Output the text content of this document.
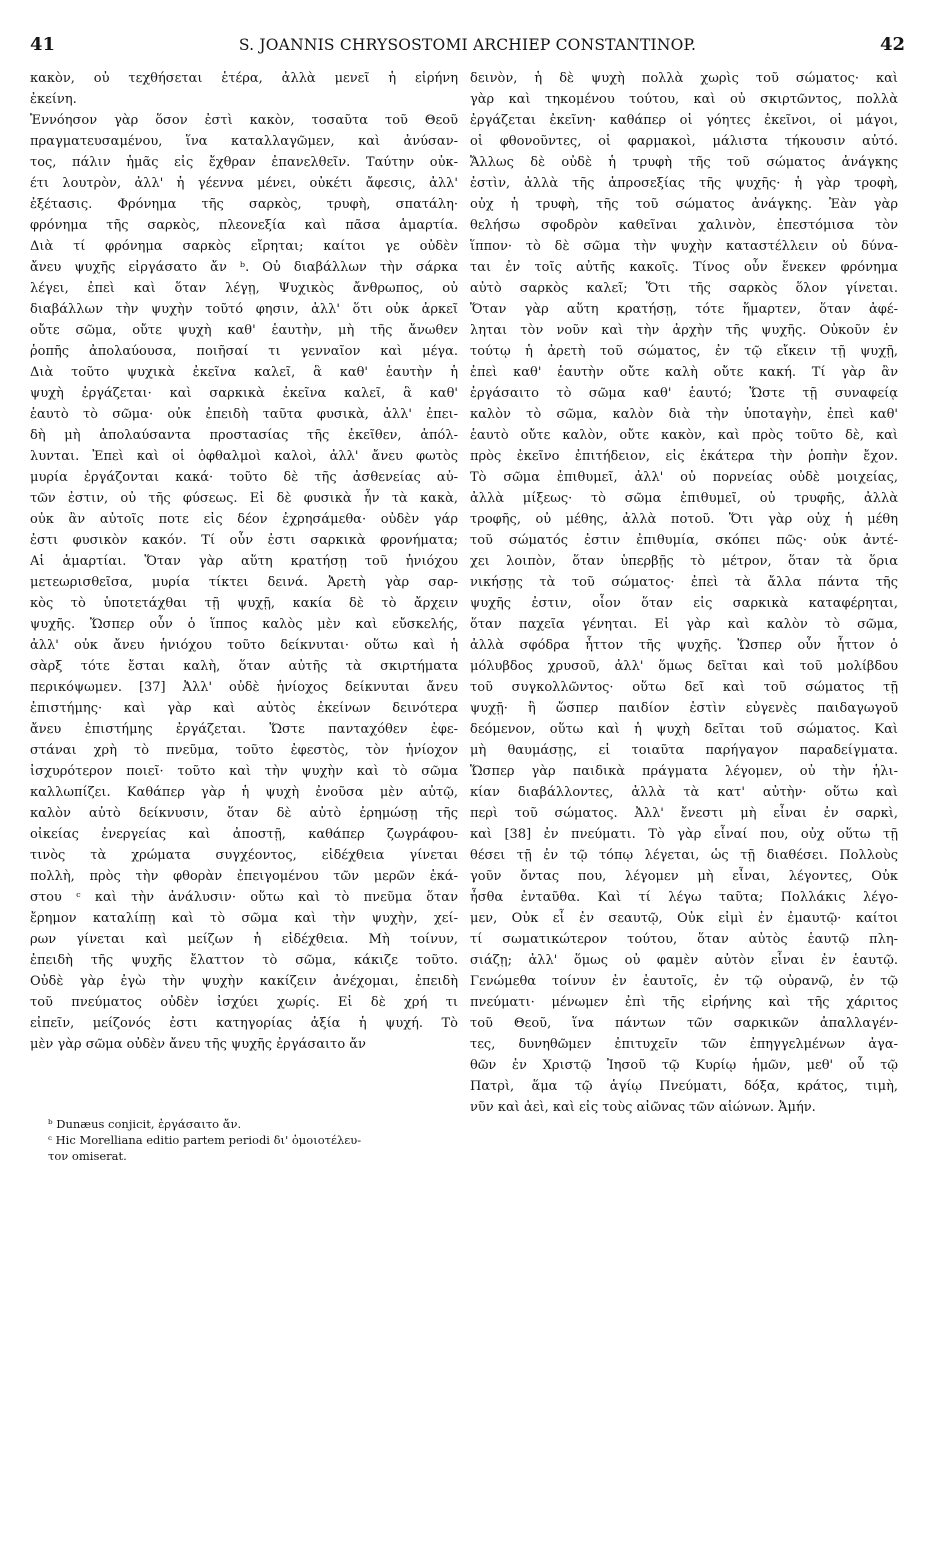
41	S. JOANNIS CHRYSOSTOMI ARCHIEP CONSTANTINOP.	42
κακὸν, οὐ τεχθήσεται ἑτέρα, ἀλλὰ μενεῖ ἡ εἰρήνη
ἐκείνη.
Ἐννόησον γὰρ ὅσον ἐστὶ κακὸν, τοσαῦτα τοῦ Θεοῦ
πραγματευσαμένου, ἵνα καταλλαγῶμεν, καὶ ἀνύσαν-
τος, πάλιν ἡμᾶς εἰς ἔχθραν ἐπανελθεῖν. Ταύτην οὐκ-
έτι λουτρὸν, ἀλλ' ἡ γέεννα μένει, οὐκέτι ἄφεσις, ἀλλ'
ἐξέτασις. Φρόνημα τῆς σαρκὸς, τρυφὴ, σπατάλη·
φρόνημα τῆς σαρκὸς, πλεονεξία καὶ πᾶσα ἁμαρτία.
Διὰ τί φρόνημα σαρκὸς εἴρηται; καίτοι γε οὐδὲν
ἄνευ ψυχῆς εἰργάσατο ἄν ᵇ. Οὐ διαβάλλων τὴν σάρκα
λέγει, ἐπεὶ καὶ ὅταν λέγῃ, Ψυχικὸς ἄνθρωπος, οὐ
διαβάλλων τὴν ψυχὴν τοῦτό φησιν, ἀλλ' ὅτι οὐκ ἀρκεῖ
οὔτε σῶμα, οὔτε ψυχὴ καθ' ἑαυτὴν, μὴ τῆς ἄνωθεν
ῥοπῆς ἀπολαύουσα, ποιῆσαί τι γενναῖον καὶ μέγα.
Διὰ τοῦτο ψυχικὰ ἐκεῖνα καλεῖ, ἃ καθ' ἑαυτὴν ἡ
ψυχὴ ἐργάζεται· καὶ σαρκικὰ ἐκεῖνα καλεῖ, ἃ καθ'
ἑαυτὸ τὸ σῶμα· οὐκ ἐπειδὴ ταῦτα φυσικὰ, ἀλλ' ἐπει-
δὴ μὴ ἀπολαύσαντα προστασίας τῆς ἐκεῖθεν, ἀπόλ-
λυνται. Ἐπεὶ καὶ οἱ ὀφθαλμοὶ καλοὶ, ἀλλ' ἄνευ φωτὸς
μυρία ἐργάζονται κακά· τοῦτο δὲ τῆς ἀσθενείας αὐ-
τῶν ἐστιν, οὐ τῆς φύσεως. Εἰ δὲ φυσικὰ ἦν τὰ κακὰ,
οὐκ ἂν αὐτοῖς ποτε εἰς δέον ἐχρησάμεθα· οὐδὲν γάρ
ἐστι φυσικὸν κακόν. Τί οὖν ἐστι σαρκικὰ φρονήματα;
Αἱ ἁμαρτίαι. Ὅταν γὰρ αὕτη κρατήσῃ τοῦ ἡνιόχου
μετεωρισθεῖσα, μυρία τίκτει δεινά. Ἀρετὴ γὰρ σαρ-
κὸς τὸ ὑποτετάχθαι τῇ ψυχῇ, κακία δὲ τὸ ἄρχειν
ψυχῆς. Ὥσπερ οὖν ὁ ἵππος καλὸς μὲν καὶ εὔσκελής,
ἀλλ' οὐκ ἄνευ ἡνιόχου τοῦτο δείκνυται· οὕτω καὶ ἡ
σὰρξ τότε ἔσται καλὴ, ὅταν αὐτῆς τὰ σκιρτήματα
περικόψωμεν. [37] Ἀλλ' οὐδὲ ἡνίοχος δείκνυται ἄνευ
ἐπιστήμης· καὶ γὰρ καὶ αὐτὸς ἐκείνων δεινότερα
ἄνευ ἐπιστήμης ἐργάζεται. Ὥστε πανταχόθεν ἐφε-
στάναι χρὴ τὸ πνεῦμα, τοῦτο ἐφεστὸς, τὸν ἡνίοχον
ἰσχυρότερον ποιεῖ· τοῦτο καὶ τὴν ψυχὴν καὶ τὸ σῶμα
καλλωπίζει. Καθάπερ γὰρ ἡ ψυχὴ ἐνοῦσα μὲν αὐτῷ,
καλὸν αὐτὸ δείκνυσιν, ὅταν δὲ αὐτὸ ἐρημώσῃ τῆς
οἰκείας ἐνεργείας καὶ ἀποστῇ, καθάπερ ζωγράφου-
τινὸς τὰ χρώματα συγχέοντος, εἰδέχθεια γίνεται
πολλὴ, πρὸς τὴν φθορὰν ἐπειγομένου τῶν μερῶν ἑκά-
στου ᶜ καὶ τὴν ἀνάλυσιν· οὕτω καὶ τὸ πνεῦμα ὅταν
ἔρημον καταλίπῃ καὶ τὸ σῶμα καὶ τὴν ψυχὴν, χεί-
ρων γίνεται καὶ μείζων ἡ εἰδέχθεια. Μὴ τοίνυν,
ἐπειδὴ τῆς ψυχῆς ἔλαττον τὸ σῶμα, κάκιζε τοῦτο.
Οὐδὲ γὰρ ἐγὼ τὴν ψυχὴν κακίζειν ἀνέχομαι, ἐπειδὴ
τοῦ πνεύματος οὐδὲν ἰσχύει χωρίς. Εἰ δὲ χρή τι
εἰπεῖν, μείζονός ἐστι κατηγορίας ἀξία ἡ ψυχή. Τὸ
μὲν γὰρ σῶμα οὐδὲν ἄνευ τῆς ψυχῆς ἐργάσαιτο ἄν
δεινὸν, ἡ δὲ ψυχὴ πολλὰ χωρὶς τοῦ σώματος· καὶ
γὰρ καὶ τηκομένου τούτου, καὶ οὐ σκιρτῶντος, πολλὰ
ἐργάζεται ἐκεῖνη· καθάπερ οἱ γόητες ἐκεῖνοι, οἱ μάγοι,
οἱ φθονοῦντες, οἱ φαρμακοὶ, μάλιστα τήκουσιν αὐτό.
Ἄλλως δὲ οὐδὲ ἡ τρυφὴ τῆς τοῦ σώματος ἀνάγκης
ἐστὶν, ἀλλὰ τῆς ἀπροσεξίας τῆς ψυχῆς· ἡ γὰρ τροφὴ,
οὐχ ἡ τρυφὴ, τῆς τοῦ σώματος ἀνάγκης. Ἐὰν γὰρ
θελήσω σφοδρὸν καθεῖναι χαλινὸν, ἐπεστόμισα τὸν
ἵππον· τὸ δὲ σῶμα τὴν ψυχὴν καταστέλλειν οὐ δύνα-
ται ἐν τοῖς αὐτῆς κακοῖς. Τίνος οὖν ἕνεκεν φρόνημα
αὐτὸ σαρκὸς καλεῖ; Ὅτι τῆς σαρκὸς ὅλον γίνεται.
Ὅταν γὰρ αὕτη κρατήσῃ, τότε ἥμαρτεν, ὅταν ἀφέ-
ληται τὸν νοῦν καὶ τὴν ἀρχὴν τῆς ψυχῆς. Οὐκοῦν ἐν
τούτῳ ἡ ἀρετὴ τοῦ σώματος, ἐν τῷ εἴκειν τῇ ψυχῇ,
ἐπεὶ καθ' ἑαυτὴν οὔτε καλὴ οὔτε κακή. Τί γὰρ ἂν
ἐργάσαιτο τὸ σῶμα καθ' ἑαυτό; Ὥστε τῇ συναφείᾳ
καλὸν τὸ σῶμα, καλὸν διὰ τὴν ὑποταγὴν, ἐπεὶ καθ'
ἑαυτὸ οὔτε καλὸν, οὔτε κακὸν, καὶ πρὸς τοῦτο δὲ, καὶ
πρὸς ἐκεῖνο ἐπιτήδειον, εἰς ἑκάτερα τὴν ῥοπὴν ἔχον.
Τὸ σῶμα ἐπιθυμεῖ, ἀλλ' οὐ πορνείας οὐδὲ μοιχείας,
ἀλλὰ μίξεως· τὸ σῶμα ἐπιθυμεῖ, οὐ τρυφῆς, ἀλλὰ
τροφῆς, οὐ μέθης, ἀλλὰ ποτοῦ. Ὅτι γὰρ οὐχ ἡ μέθη
τοῦ σώματός ἐστιν ἐπιθυμία, σκόπει πῶς· οὐκ ἀντέ-
χει λοιπὸν, ὅταν ὑπερβῇς τὸ μέτρον, ὅταν τὰ ὅρια
νικήσῃς τὰ τοῦ σώματος· ἐπεὶ τὰ ἄλλα πάντα τῆς
ψυχῆς ἐστιν, οἷον ὅταν εἰς σαρκικὰ καταφέρηται,
ὅταν παχεῖα γένηται. Εἰ γὰρ καὶ καλὸν τὸ σῶμα,
ἀλλὰ σφόδρα ἧττον τῆς ψυχῆς. Ὥσπερ οὖν ἧττον ὁ
μόλυβδος χρυσοῦ, ἀλλ' ὅμως δεῖται καὶ τοῦ μολίβδου
τοῦ συγκολλῶντος· οὕτω δεῖ καὶ τοῦ σώματος τῇ
ψυχῇ· ἢ ὥσπερ παιδίον ἐστὶν εὐγενὲς παιδαγωγοῦ
δεόμενον, οὕτω καὶ ἡ ψυχὴ δεῖται τοῦ σώματος. Καὶ
μὴ θαυμάσῃς, εἰ τοιαῦτα παρήγαγον παραδείγματα.
Ὥσπερ γὰρ παιδικὰ πράγματα λέγομεν, οὐ τὴν ἡλι-
κίαν διαβάλλοντες, ἀλλὰ τὰ κατ' αὐτὴν· οὕτω καὶ
περὶ τοῦ σώματος. Ἀλλ' ἔνεστι μὴ εἶναι ἐν σαρκὶ,
καὶ [38] ἐν πνεύματι. Τὸ γὰρ εἶναί που, οὐχ οὕτω τῇ
θέσει τῇ ἐν τῷ τόπῳ λέγεται, ὡς τῇ διαθέσει. Πολλοὺς
γοῦν ὄντας που, λέγομεν μὴ εἶναι, λέγοντες, Οὐκ
ἦσθα ἐνταῦθα. Καὶ τί λέγω ταῦτα; Πολλάκις λέγο-
μεν, Οὐκ εἶ ἐν σεαυτῷ, Οὐκ εἰμὶ ἐν ἐμαυτῷ· καίτοι
τί σωματικώτερον τούτου, ὅταν αὐτὸς ἑαυτῷ πλη-
σιάζῃ; ἀλλ' ὅμως οὐ φαμὲν αὐτὸν εἶναι ἐν ἑαυτῷ.
Γενώμεθα τοίνυν ἐν ἑαυτοῖς, ἐν τῷ οὐρανῷ, ἐν τῷ
πνεύματι· μένωμεν ἐπὶ τῆς εἰρήνης καὶ τῆς χάριτος
τοῦ Θεοῦ, ἵνα πάντων τῶν σαρκικῶν ἀπαλλαγέν-
τες, δυνηθῶμεν ἐπιτυχεῖν τῶν ἐπηγγελμένων ἀγα-
θῶν ἐν Χριστῷ Ἰησοῦ τῷ Κυρίῳ ἡμῶν, μεθ' οὗ τῷ
Πατρὶ, ἅμα τῷ ἁγίῳ Πνεύματι, δόξα, κράτος, τιμὴ,
νῦν καὶ ἀεὶ, καὶ εἰς τοὺς αἰῶνας τῶν αἰώνων. Ἀμήν.
ᵇ Dunæus conjicit, ἐργάσαιτο ἄν.
ᶜ Hic Morelliana editio partem periodi δι' ὁμοιοτέλευ-
τον omiserat.
